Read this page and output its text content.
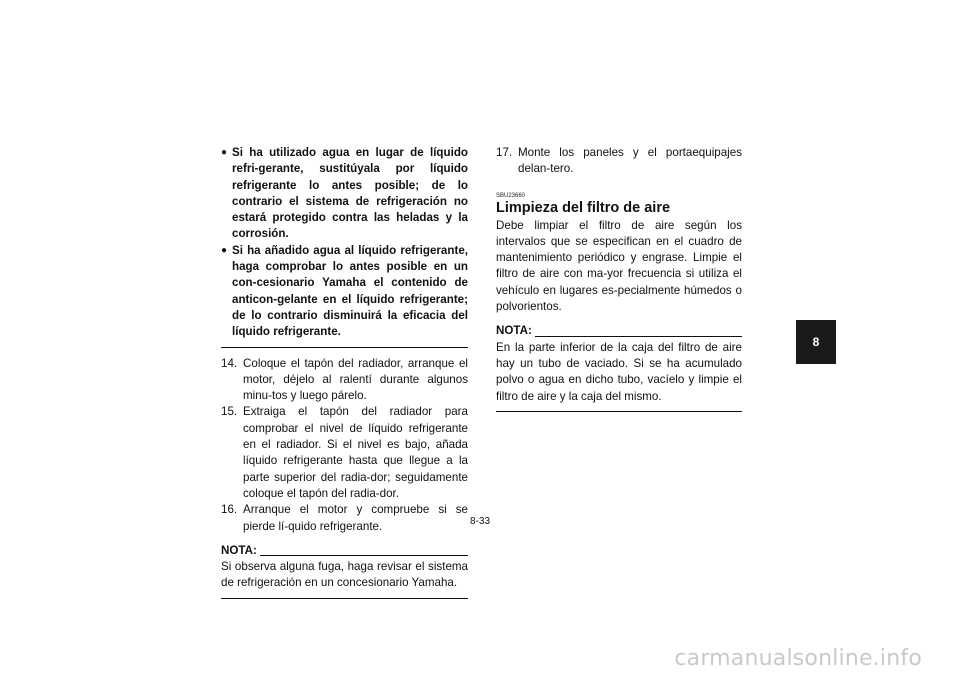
● Si ha utilizado agua en lugar de líquido refri-gerante, sustitúyala por líquido refrigerante lo antes posible; de lo contrario el sistema de refrigeración no estará protegido contra las heladas y la corrosión.
● Si ha añadido agua al líquido refrigerante, haga comprobar lo antes posible en un con-cesionario Yamaha el contenido de anticon-gelante en el líquido refrigerante; de lo contrario disminuirá la eficacia del líquido refrigerante.
14. Coloque el tapón del radiador, arranque el motor, déjelo al ralentí durante algunos minu-tos y luego párelo.
15. Extraiga el tapón del radiador para comprobar el nivel de líquido refrigerante en el radiador. Si el nivel es bajo, añada líquido refrigerante hasta que llegue a la parte superior del radia-dor; seguidamente coloque el tapón del radia-dor.
16. Arranque el motor y compruebe si se pierde lí-quido refrigerante.
NOTA:
Si observa alguna fuga, haga revisar el sistema de refrigeración en un concesionario Yamaha.
17. Monte los paneles y el portaequipajes delan-tero.
SBU23660
Limpieza del filtro de aire
Debe limpiar el filtro de aire según los intervalos que se especifican en el cuadro de mantenimiento periódico y engrase. Limpie el filtro de aire con ma-yor frecuencia si utiliza el vehículo en lugares es-pecialmente húmedos o polvorientos.
NOTA:
En la parte inferior de la caja del filtro de aire hay un tubo de vaciado. Si se ha acumulado polvo o agua en dicho tubo, vacíelo y limpie el filtro de aire y la caja del mismo.
8
8-33
carmanualsonline.info
